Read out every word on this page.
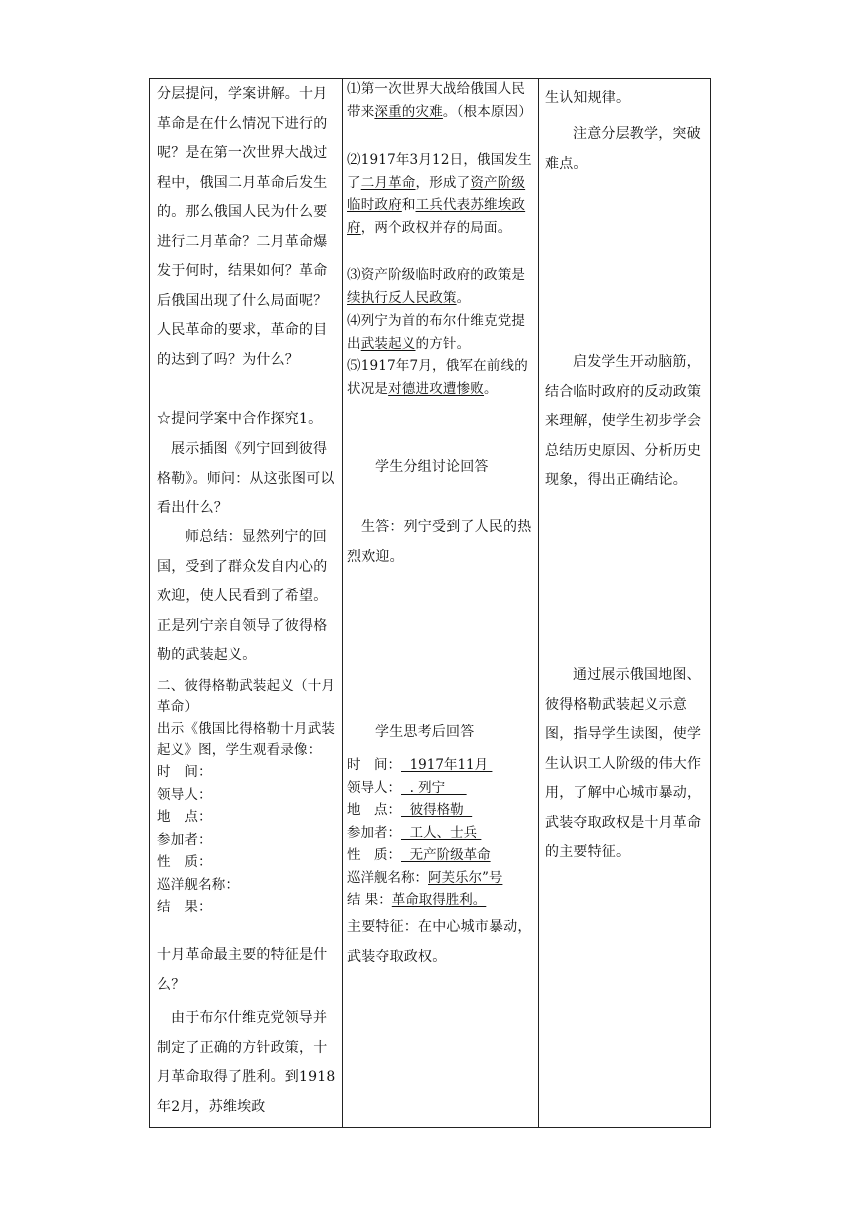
分层提问，学案讲解。十月革命是在什么情况下进行的呢？是在第一次世界大战过程中，俄国二月革命后发生的。那么俄国人民为什么要进行二月革命？二月革命爆发于何时，结果如何？革命后俄国出现了什么局面呢？人民革命的要求，革命的目的达到了吗？为什么？
☆提问学案中合作探究1。
展示插图《列宁回到彼得格勒》。师问：从这张图可以看出什么？
师总结：显然列宁的回国，受到了群众发自内心的欢迎，使人民看到了希望。正是列宁亲自领导了彼得格勒的武装起义。
二、彼得格勒武装起义（十月革命）
出示《俄国比得格勒十月武装起义》图，学生观看录像：
时　间：
领导人：
地　点：
参加者：
性　质：
巡洋舰名称：
结　果：
十月革命最主要的特征是什么？
由于布尔什维克党领导并制定了正确的方针政策，十月革命取得了胜利。到1918年2月，苏维埃政
⑴第一次世界大战给俄国人民带来深重的灾难。（根本原因）
⑵1917年3月12日，俄国发生了二月革命，形成了资产阶级临时政府和工兵代表苏维埃政府，两个政权并存的局面。
⑶资产阶级临时政府的政策是 续执行反人民政策。
⑷列宁为首的布尔什维克党提出武装起义的方针。
⑸1917年7月，俄军在前线的状况是对德进攻遭惨败。
学生分组讨论回答
生答：列宁受到了人民的热烈欢迎。
学生思考后回答
时　间：  1917年11月
领导人：  . 列宁
地　点：  彼得格勒
参加者：  工人、士兵
性　质：  无产阶级革命
巡洋舰名称：阿芙乐尔”号
结 果：革命取得胜利。
主要特征：在中心城市暴动，武装夺取政权。
生认知规律。
注意分层教学，突破难点。
启发学生开动脑筋，结合临时政府的反动政策来理解，使学生初步学会总结历史原因、分析历史现象，得出正确结论。
通过展示俄国地图、彼得格勒武装起义示意图，指导学生读图，使学生认识工人阶级的伟大作用，了解中心城市暴动，武装夺取政权是十月革命的主要特征。
